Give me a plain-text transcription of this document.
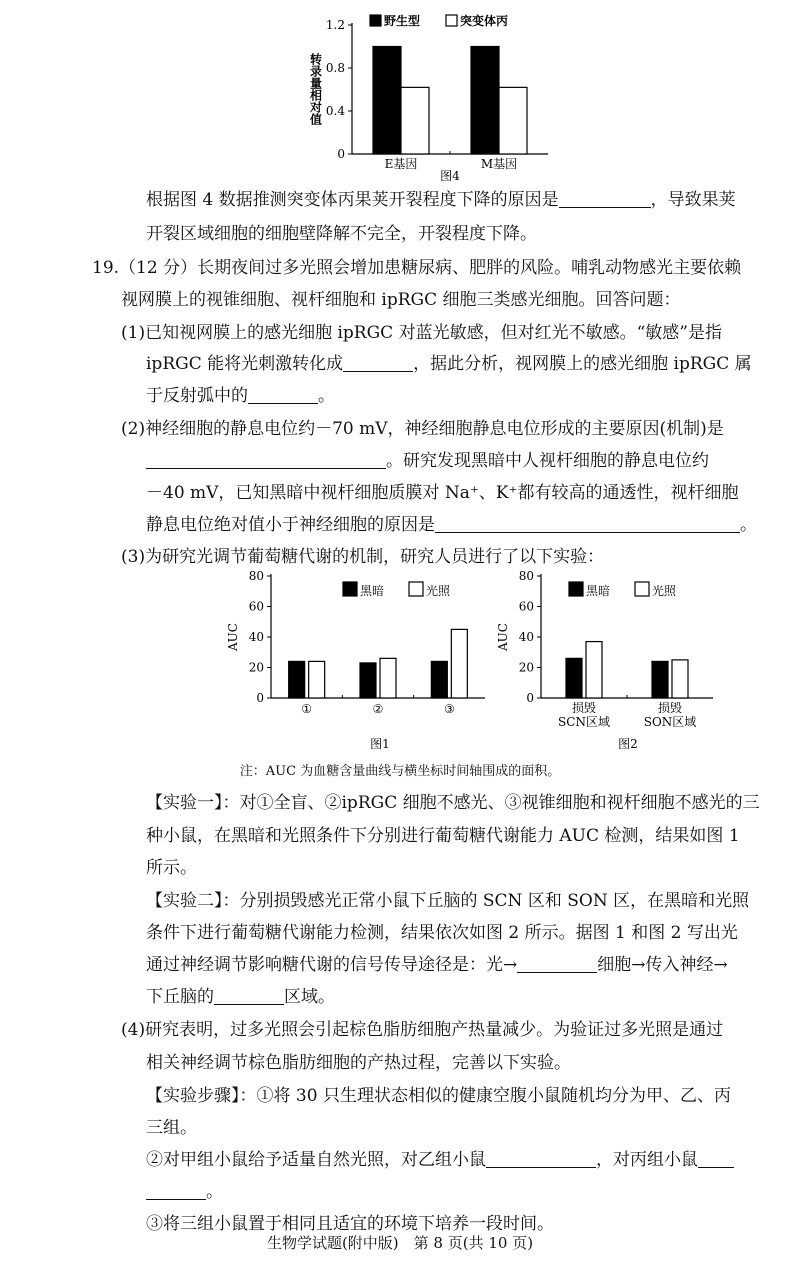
1.2
0.8
0.4
0
转
录
量
相
对
值
E基因	M基因
野生型	突变体丙
图4
80
60
40
20
0
AUC
①	②	③
黑暗	光照
图1
80
60
40
20
0
AUC
损毁
SCN区域
损毁
SON区域
黑暗	光照
图2
根据图 4 数据推测突变体丙果荚开裂程度下降的原因是	，导致果荚
开裂区域细胞的细胞壁降解不完全，开裂程度下降。
19.（12 分）长期夜间过多光照会增加患糖尿病、肥胖的风险。哺乳动物感光主要依赖
视网膜上的视锥细胞、视杆细胞和 ipRGC 细胞三类感光细胞。回答问题：
(1)已知视网膜上的感光细胞 ipRGC 对蓝光敏感，但对红光不敏感。“敏感”是指
ipRGC 能将光刺激转化成	，据此分析，视网膜上的感光细胞 ipRGC 属
于反射弧中的	。
(2)神经细胞的静息电位约－70 mV，神经细胞静息电位形成的主要原因(机制)是
。研究发现黑暗中人视杆细胞的静息电位约
－40 mV，已知黑暗中视杆细胞质膜对 Na⁺、K⁺都有较高的通透性，视杆细胞
静息电位绝对值小于神经细胞的原因是	。
(3)为研究光调节葡萄糖代谢的机制，研究人员进行了以下实验：
注：AUC 为血糖含量曲线与横坐标时间轴围成的面积。
【实验一】：对①全盲、②ipRGC 细胞不感光、③视锥细胞和视杆细胞不感光的三
种小鼠，在黑暗和光照条件下分别进行葡萄糖代谢能力 AUC 检测，结果如图 1
所示。
【实验二】：分别损毁感光正常小鼠下丘脑的 SCN 区和 SON 区，在黑暗和光照
条件下进行葡萄糖代谢能力检测，结果依次如图 2 所示。据图 1 和图 2 写出光
通过神经调节影响糖代谢的信号传导途径是：光→	细胞→传入神经→
下丘脑的	区域。
(4)研究表明，过多光照会引起棕色脂肪细胞产热量减少。为验证过多光照是通过
相关神经调节棕色脂肪细胞的产热过程，完善以下实验。
【实验步骤】：①将 30 只生理状态相似的健康空腹小鼠随机均分为甲、乙、丙
三组。
②对甲组小鼠给予适量自然光照，对乙组小鼠	，对丙组小鼠
。
③将三组小鼠置于相同且适宜的环境下培养一段时间。
生物学试题(附中版)　第 8 页(共 10 页)
